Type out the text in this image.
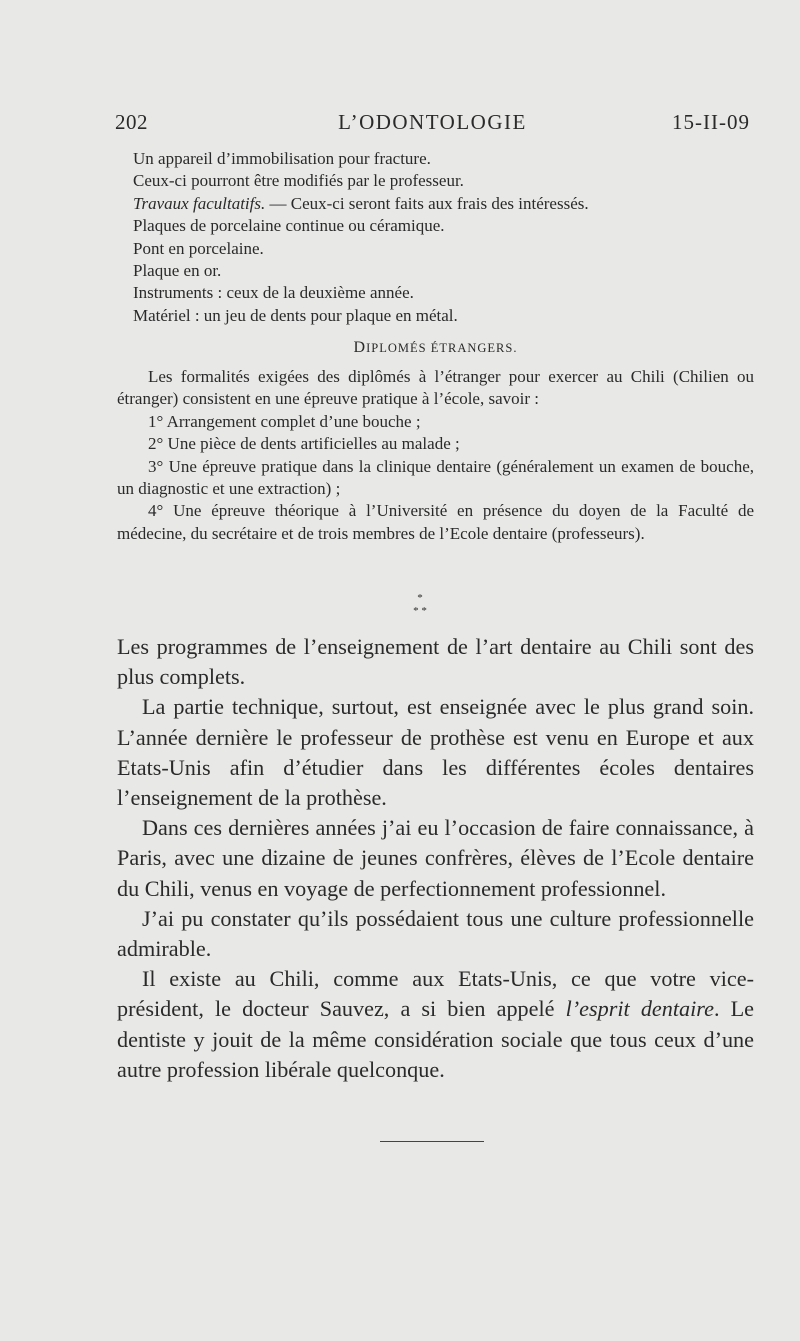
202	L’ODONTOLOGIE	15-II-09

Un appareil d’immobilisation pour fracture.

Ceux-ci pourront être modifiés par le professeur.

Travaux facultatifs. — Ceux-ci seront faits aux frais des intéressés.

Plaques de porcelaine continue ou céramique.

Pont en porcelaine.

Plaque en or.

Instruments : ceux de la deuxième année.

Matériel : un jeu de dents pour plaque en métal.

DIPLOMÉS ÉTRANGERS.

Les formalités exigées des diplômés à l’étranger pour exercer au Chili (Chilien ou étranger) consistent en une épreuve pratique à l’école, savoir :

1° Arrangement complet d’une bouche ;

2° Une pièce de dents artificielles au malade ;

3° Une épreuve pratique dans la clinique dentaire (généralement un examen de bouche, un diagnostic et une extraction) ;

4° Une épreuve théorique à l’Université en présence du doyen de la Faculté de médecine, du secrétaire et de trois membres de l’Ecole dentaire (professeurs).

*
* *

Les programmes de l’enseignement de l’art dentaire au Chili sont des plus complets.

La partie technique, surtout, est enseignée avec le plus grand soin. L’année dernière le professeur de prothèse est venu en Europe et aux Etats-Unis afin d’étudier dans les différentes écoles dentaires l’enseignement de la prothèse.

Dans ces dernières années j’ai eu l’occasion de faire connaissance, à Paris, avec une dizaine de jeunes confrères, élèves de l’Ecole dentaire du Chili, venus en voyage de perfectionnement professionnel.

J’ai pu constater qu’ils possédaient tous une culture professionnelle admirable.

Il existe au Chili, comme aux Etats-Unis, ce que votre vice-président, le docteur Sauvez, a si bien appelé l’esprit dentaire. Le dentiste y jouit de la même considération sociale que tous ceux d’une autre profession libérale quelconque.
